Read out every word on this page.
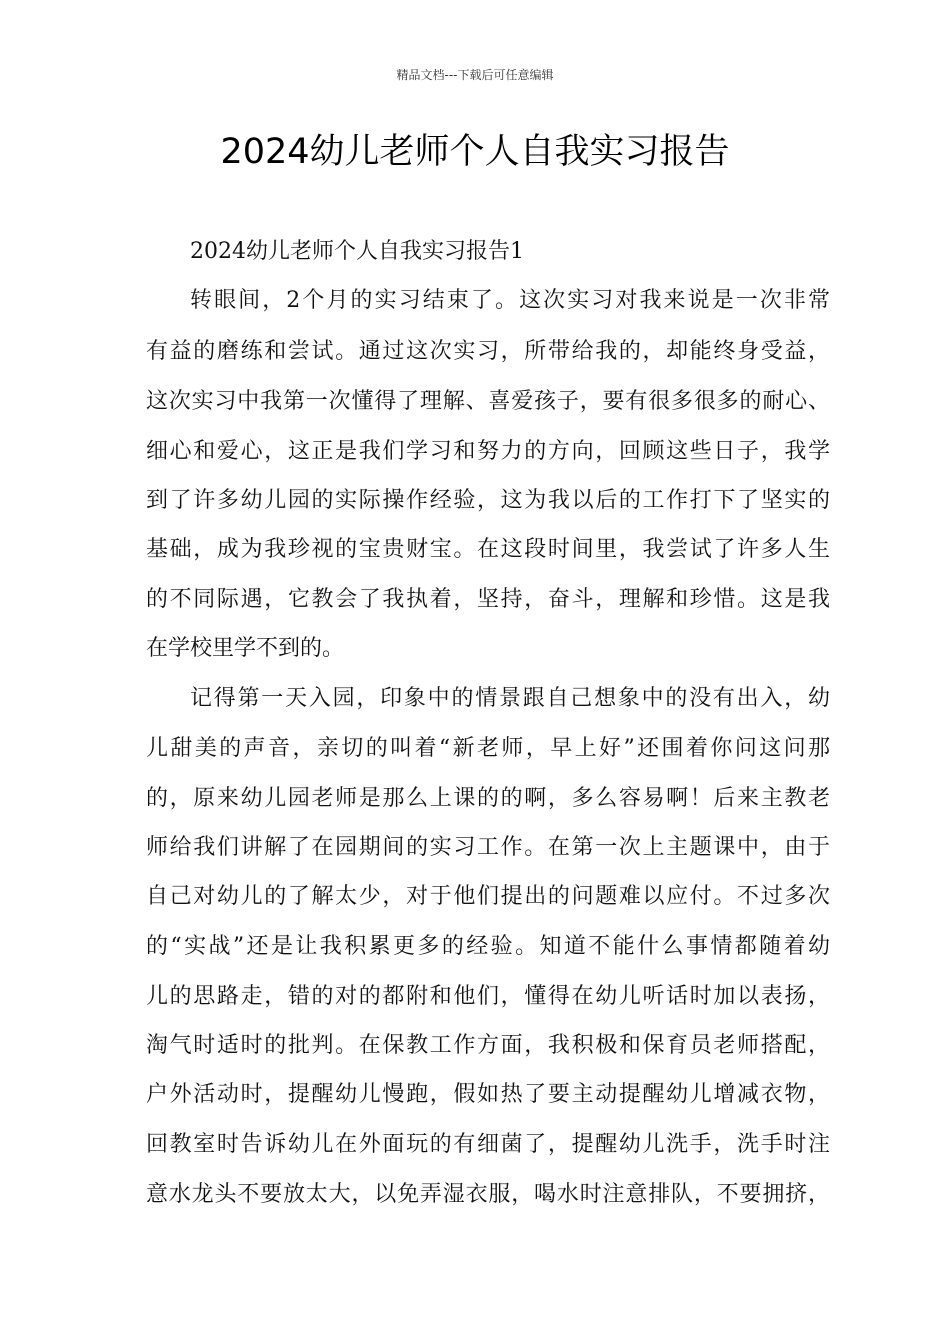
精品文档---下载后可任意编辑
2024幼儿老师个人自我实习报告
2024幼儿老师个人自我实习报告1
转眼间，2个月的实习结束了。这次实习对我来说是一次非常
有益的磨练和尝试。通过这次实习，所带给我的，却能终身受益，
这次实习中我第一次懂得了理解、喜爱孩子，要有很多很多的耐心、
细心和爱心，这正是我们学习和努力的方向，回顾这些日子，我学
到了许多幼儿园的实际操作经验，这为我以后的工作打下了坚实的
基础，成为我珍视的宝贵财宝。在这段时间里，我尝试了许多人生
的不同际遇，它教会了我执着，坚持，奋斗，理解和珍惜。这是我
在学校里学不到的。
记得第一天入园，印象中的情景跟自己想象中的没有出入，幼
儿甜美的声音，亲切的叫着“新老师，早上好”还围着你问这问那
的，原来幼儿园老师是那么上课的的啊，多么容易啊！后来主教老
师给我们讲解了在园期间的实习工作。在第一次上主题课中，由于
自己对幼儿的了解太少，对于他们提出的问题难以应付。不过多次
的“实战”还是让我积累更多的经验。知道不能什么事情都随着幼
儿的思路走，错的对的都附和他们，懂得在幼儿听话时加以表扬，
淘气时适时的批判。在保教工作方面，我积极和保育员老师搭配，
户外活动时，提醒幼儿慢跑，假如热了要主动提醒幼儿增减衣物，
回教室时告诉幼儿在外面玩的有细菌了，提醒幼儿洗手，洗手时注
意水龙头不要放太大，以免弄湿衣服，喝水时注意排队，不要拥挤，
